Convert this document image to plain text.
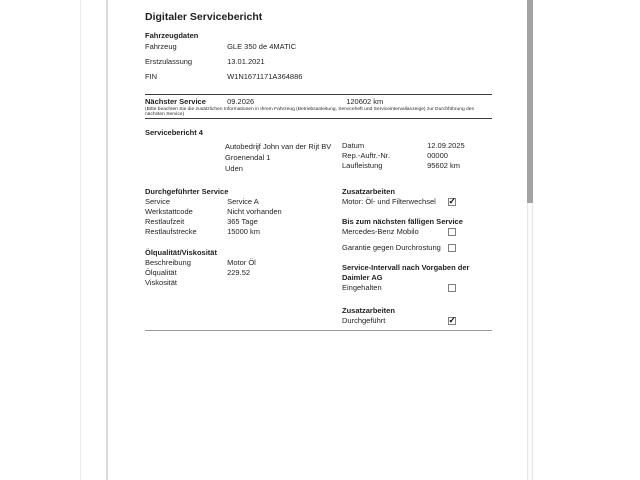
Digitaler Servicebericht
Fahrzeugdaten
Fahrzeug	GLE 350 de 4MATIC
Erstzulassung	13.01.2021
FIN	W1N1671171A364886
Nächster Service	09.2026	120602 km
(Bitte beachten Sie die zusätzlichen Informationen in Ihrem Fahrzeug (Betriebsanleitung, Serviceheft und Serviceintervallanzeige) zur Durchführung des nächsten Service)
Servicebericht 4
Autobedrijf John van der Rijt BV
Groenendal 1
Uden
Datum	12.09.2025
Rep.-Auftr.-Nr.	00000
Laufleistung	95602 km
Durchgeführter Service
Service	Service A
Werkstattcode	Nicht vorhanden
Restlaufzeit	365 Tage
Restlaufstrecke	15000 km
Ölqualität/Viskosität
Beschreibung	Motor Öl
Ölqualität	229.52
Viskosität
Zusatzarbeiten
Motor: Öl- und Filterwechsel ✓
Bis zum nächsten fälligen Service
Mercedes-Benz Mobilo
Garantie gegen Durchrostung
Service-Intervall nach Vorgaben der Daimler AG
Eingehalten
Zusatzarbeiten
Durchgeführt	✓
